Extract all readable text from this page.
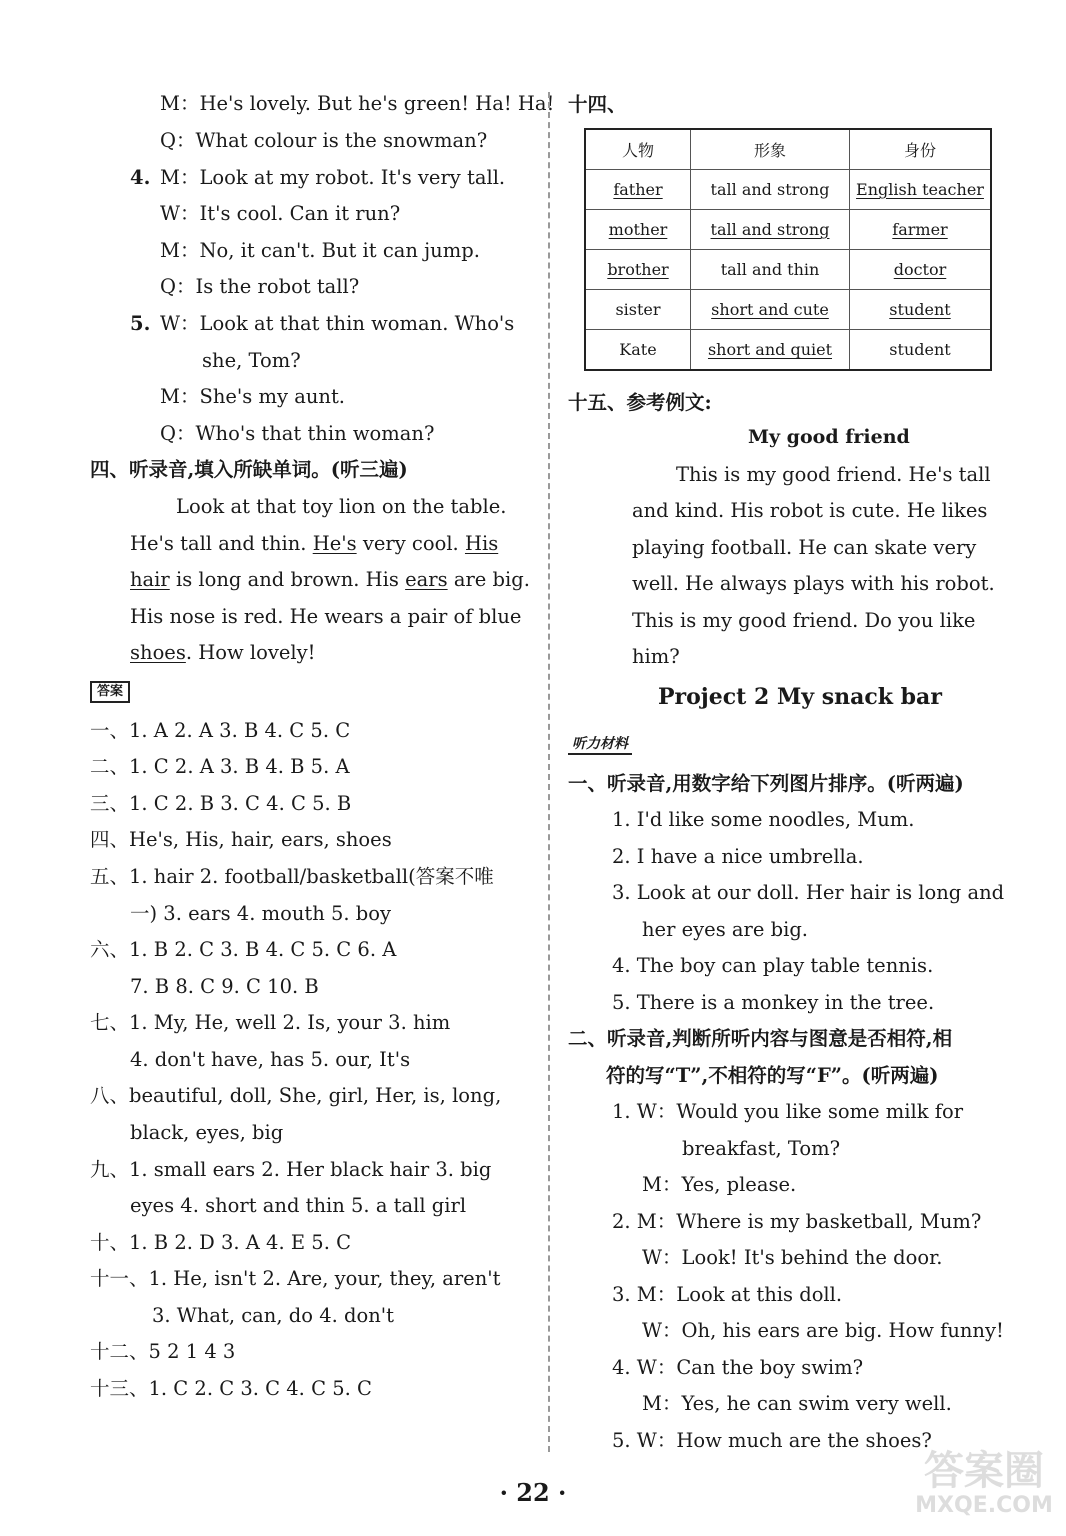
M：He's lovely. But he's green! Ha! Ha!
Q：What colour is the snowman?
4. M：Look at my robot. It's very tall.
W：It's cool. Can it run?
M：No, it can't. But it can jump.
Q：Is the robot tall?
5. W：Look at that thin woman. Who's
she, Tom?
M：She's my aunt.
Q：Who's that thin woman?
四、听录音,填入所缺单词。(听三遍)
Look at that toy lion on the table.
He's tall and thin. He's very cool. His
hair is long and brown. His ears are big.
His nose is red. He wears a pair of blue
shoes. How lovely!
答案
一、1. A 2. A 3. B 4. C 5. C
二、1. C 2. A 3. B 4. B 5. A
三、1. C 2. B 3. C 4. C 5. B
四、He's, His, hair, ears, shoes
五、1. hair 2. football/basketball(答案不唯
一) 3. ears 4. mouth 5. boy
六、1. B 2. C 3. B 4. C 5. C 6. A
7. B 8. C 9. C 10. B
七、1. My, He, well 2. Is, your 3. him
4. don't have, has 5. our, It's
八、beautiful, doll, She, girl, Her, is, long,
black, eyes, big
九、1. small ears 2. Her black hair 3. big
eyes 4. short and thin 5. a tall girl
十、1. B 2. D 3. A 4. E 5. C
十一、1. He, isn't 2. Are, your, they, aren't
3. What, can, do 4. don't
十二、5 2 1 4 3
十三、1. C 2. C 3. C 4. C 5. C
十四、
人物	形象	身份
father	tall and strong	English teacher
mother	tall and strong	farmer
brother	tall and thin	doctor
sister	short and cute	student
Kate	short and quiet	student
十五、参考例文:
My good friend
This is my good friend. He's tall
and kind. His robot is cute. He likes
playing football. He can skate very
well. He always plays with his robot.
This is my good friend. Do you like
him?
Project 2 My snack bar
听力材料
一、听录音,用数字给下列图片排序。(听两遍)
1. I'd like some noodles, Mum.
2. I have a nice umbrella.
3. Look at our doll. Her hair is long and
her eyes are big.
4. The boy can play table tennis.
5. There is a monkey in the tree.
二、听录音,判断所听内容与图意是否相符,相
符的写“T”,不相符的写“F”。(听两遍)
1. W：Would you like some milk for
breakfast, Tom?
M：Yes, please.
2. M：Where is my basketball, Mum?
W：Look! It's behind the door.
3. M：Look at this doll.
W：Oh, his ears are big. How funny!
4. W：Can the boy swim?
M：Yes, he can swim very well.
5. W：How much are the shoes?
· 22 ·	答案圈
MXQE.COM
